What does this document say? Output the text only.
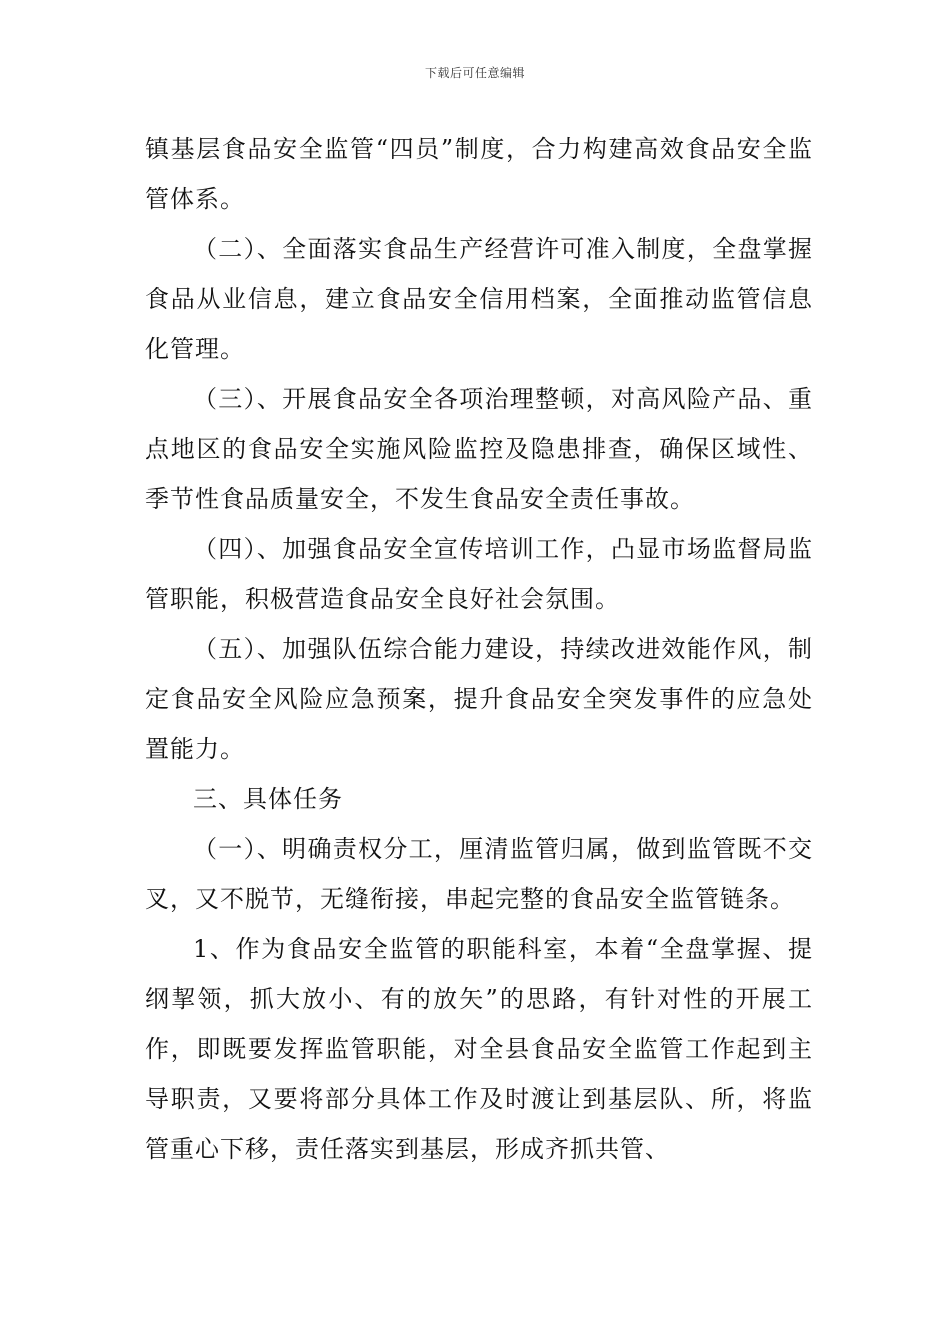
下载后可任意编辑

镇基层食品安全监管“四员”制度，合力构建高效食品安全监管体系。

（二）、全面落实食品生产经营许可准入制度，全盘掌握食品从业信息，建立食品安全信用档案，全面推动监管信息化管理。

（三）、开展食品安全各项治理整顿，对高风险产品、重点地区的食品安全实施风险监控及隐患排查，确保区域性、季节性食品质量安全，不发生食品安全责任事故。

（四）、加强食品安全宣传培训工作，凸显市场监督局监管职能，积极营造食品安全良好社会氛围。

（五）、加强队伍综合能力建设，持续改进效能作风，制定食品安全风险应急预案，提升食品安全突发事件的应急处置能力。

三、具体任务

（一）、明确责权分工，厘清监管归属，做到监管既不交叉，又不脱节，无缝衔接，串起完整的食品安全监管链条。

1、作为食品安全监管的职能科室，本着“全盘掌握、提纲挈领，抓大放小、有的放矢”的思路，有针对性的开展工作，即既要发挥监管职能，对全县食品安全监管工作起到主导职责，又要将部分具体工作及时渡让到基层队、所，将监管重心下移，责任落实到基层，形成齐抓共管、
